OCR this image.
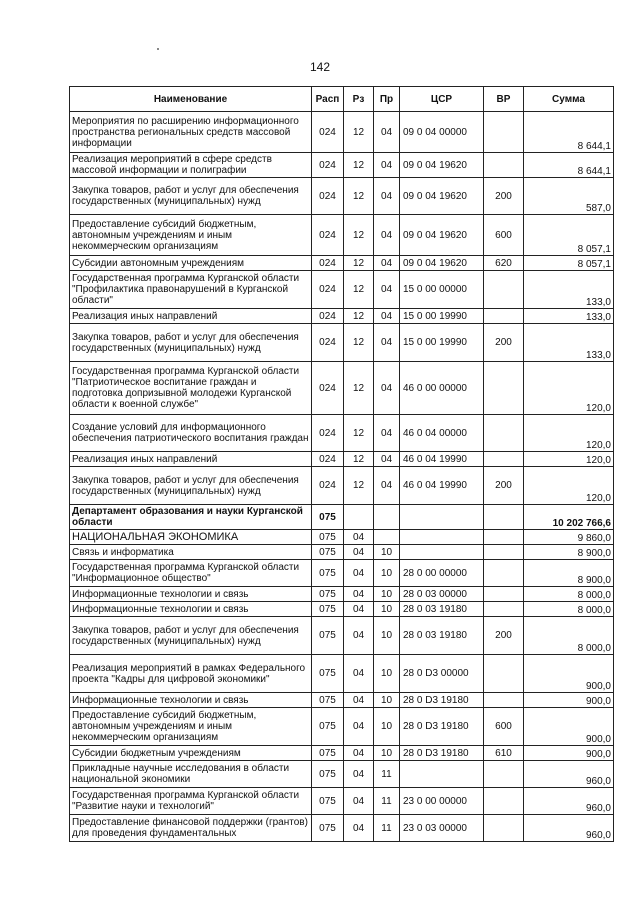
142
Наименование	Расп	Рз	Пр	ЦСР	ВР	Сумма
Мероприятия по расширению информационного пространства региональных средств массовой информации	024	12	04	09 0 04 00000		8 644,1
Реализация мероприятий в сфере средств массовой информации и полиграфии	024	12	04	09 0 04 19620		8 644,1
Закупка товаров, работ и услуг для обеспечения государственных (муниципальных) нужд	024	12	04	09 0 04 19620	200	587,0
Предоставление субсидий бюджетным, автономным учреждениям и иным некоммерческим организациям	024	12	04	09 0 04 19620	600	8 057,1
Субсидии автономным учреждениям	024	12	04	09 0 04 19620	620	8 057,1
Государственная программа Курганской области "Профилактика правонарушений в Курганской области"	024	12	04	15 0 00 00000		133,0
Реализация иных направлений	024	12	04	15 0 00 19990		133,0
Закупка товаров, работ и услуг для обеспечения государственных (муниципальных) нужд	024	12	04	15 0 00 19990	200	133,0
Государственная программа Курганской области "Патриотическое воспитание граждан и подготовка допризывной молодежи Курганской области к военной службе"	024	12	04	46 0 00 00000		120,0
Создание условий для информационного обеспечения патриотического воспитания граждан	024	12	04	46 0 04 00000		120,0
Реализация иных направлений	024	12	04	46 0 04 19990		120,0
Закупка товаров, работ и услуг для обеспечения государственных (муниципальных) нужд	024	12	04	46 0 04 19990	200	120,0
Департамент образования и науки Курганской области	075					10 202 766,6
НАЦИОНАЛЬНАЯ ЭКОНОМИКА	075	04				9 860,0
Связь и информатика	075	04	10			8 900,0
Государственная программа Курганской области "Информационное общество"	075	04	10	28 0 00 00000		8 900,0
Информационные технологии и связь	075	04	10	28 0 03 00000		8 000,0
Информационные технологии и связь	075	04	10	28 0 03 19180		8 000,0
Закупка товаров, работ и услуг для обеспечения государственных (муниципальных) нужд	075	04	10	28 0 03 19180	200	8 000,0
Реализация мероприятий в рамках Федерального проекта "Кадры для цифровой экономики"	075	04	10	28 0 D3 00000		900,0
Информационные технологии и связь	075	04	10	28 0 D3 19180		900,0
Предоставление субсидий бюджетным, автономным учреждениям и иным некоммерческим организациям	075	04	10	28 0 D3 19180	600	900,0
Субсидии бюджетным учреждениям	075	04	10	28 0 D3 19180	610	900,0
Прикладные научные исследования в области национальной экономики	075	04	11			960,0
Государственная программа Курганской области "Развитие науки и технологий"	075	04	11	23 0 00 00000		960,0
Предоставление финансовой поддержки (грантов) для проведения фундаментальных	075	04	11	23 0 03 00000		960,0
